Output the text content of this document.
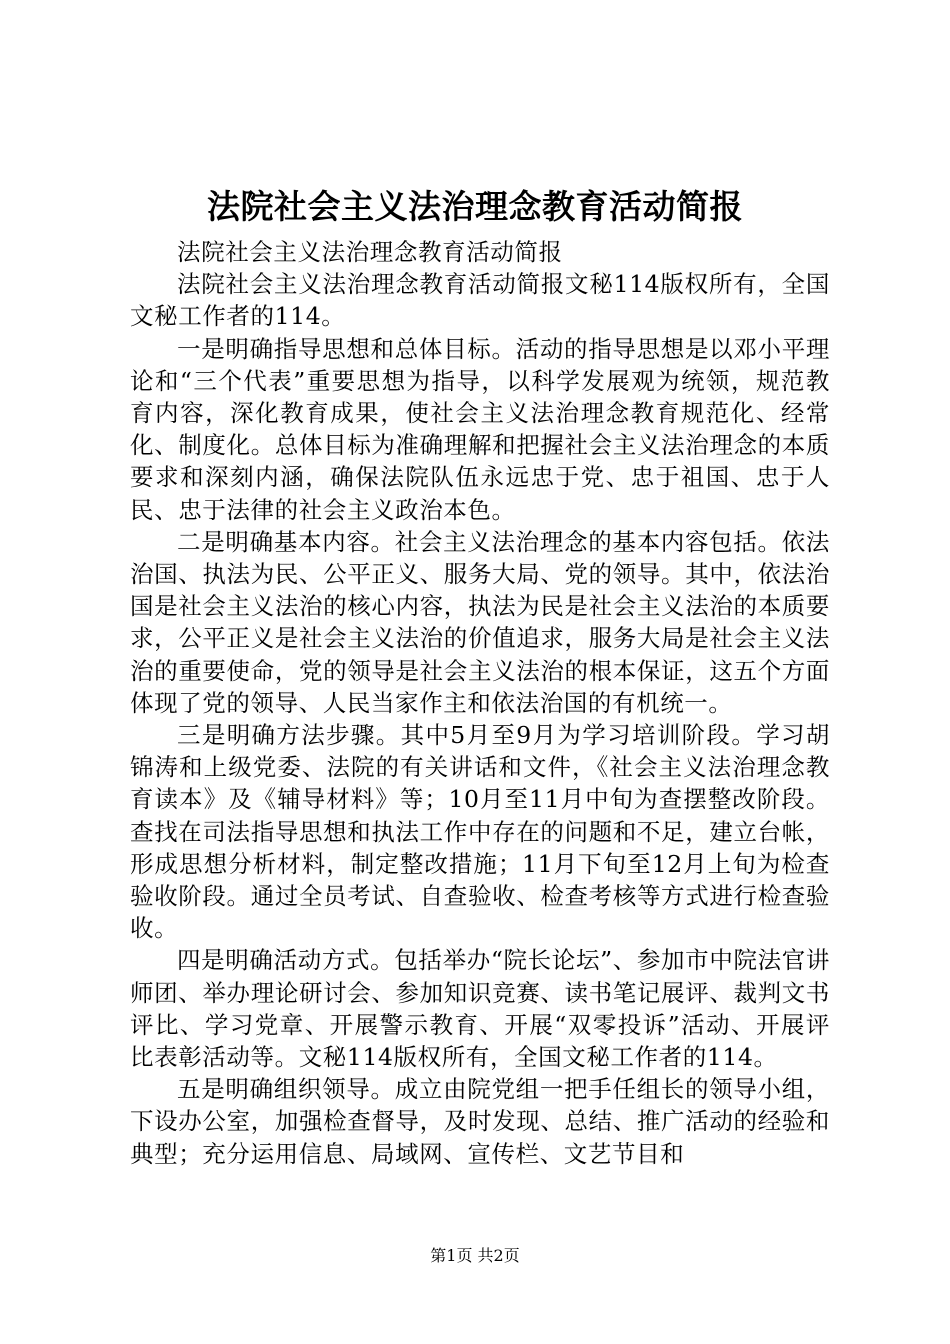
法院社会主义法治理念教育活动简报

法院社会主义法治理念教育活动简报

法院社会主义法治理念教育活动简报文秘114版权所有，全国文秘工作者的114。

一是明确指导思想和总体目标。活动的指导思想是以邓小平理论和“三个代表”重要思想为指导，以科学发展观为统领，规范教育内容，深化教育成果，使社会主义法治理念教育规范化、经常化、制度化。总体目标为准确理解和把握社会主义法治理念的本质要求和深刻内涵，确保法院队伍永远忠于党、忠于祖国、忠于人民、忠于法律的社会主义政治本色。

二是明确基本内容。社会主义法治理念的基本内容包括。依法治国、执法为民、公平正义、服务大局、党的领导。其中，依法治国是社会主义法治的核心内容，执法为民是社会主义法治的本质要求，公平正义是社会主义法治的价值追求，服务大局是社会主义法治的重要使命，党的领导是社会主义法治的根本保证，这五个方面体现了党的领导、人民当家作主和依法治国的有机统一。

三是明确方法步骤。其中5月至9月为学习培训阶段。学习胡锦涛和上级党委、法院的有关讲话和文件，《社会主义法治理念教育读本》及《辅导材料》等；10月至11月中旬为查摆整改阶段。查找在司法指导思想和执法工作中存在的问题和不足，建立台帐，形成思想分析材料，制定整改措施；11月下旬至12月上旬为检查验收阶段。通过全员考试、自查验收、检查考核等方式进行检查验收。

四是明确活动方式。包括举办“院长论坛”、参加市中院法官讲师团、举办理论研讨会、参加知识竞赛、读书笔记展评、裁判文书评比、学习党章、开展警示教育、开展“双零投诉”活动、开展评比表彰活动等。文秘114版权所有，全国文秘工作者的114。

五是明确组织领导。成立由院党组一把手任组长的领导小组，下设办公室，加强检查督导，及时发现、总结、推广活动的经验和典型；充分运用信息、局域网、宣传栏、文艺节目和

第1页 共2页
